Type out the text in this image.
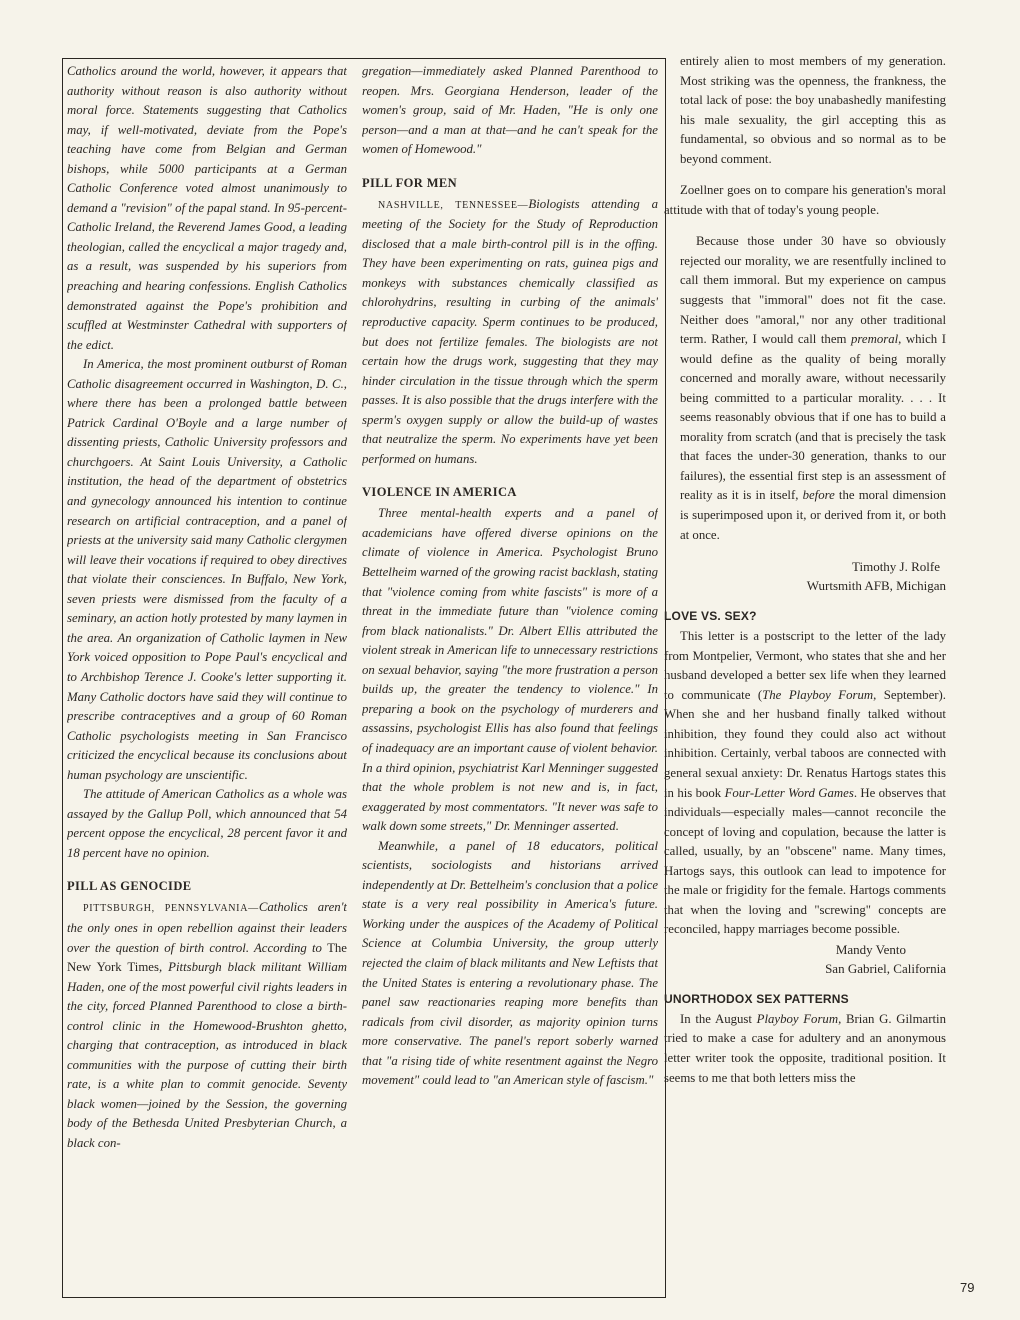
Catholics around the world, however, it appears that authority without reason is also authority without moral force. Statements suggesting that Catholics may, if well-motivated, deviate from the Pope's teaching have come from Belgian and German bishops, while 5000 participants at a German Catholic Conference voted almost unanimously to demand a "revision" of the papal stand. In 95-percent-Catholic Ireland, the Reverend James Good, a leading theologian, called the encyclical a major tragedy and, as a result, was suspended by his superiors from preaching and hearing confessions. English Catholics demonstrated against the Pope's prohibition and scuffled at Westminster Cathedral with supporters of the edict.

In America, the most prominent outburst of Roman Catholic disagreement occurred in Washington, D. C., where there has been a prolonged battle between Patrick Cardinal O'Boyle and a large number of dissenting priests, Catholic University professors and churchgoers. At Saint Louis University, a Catholic institution, the head of the department of obstetrics and gynecology announced his intention to continue research on artificial contraception, and a panel of priests at the university said many Catholic clergymen will leave their vocations if required to obey directives that violate their consciences. In Buffalo, New York, seven priests were dismissed from the faculty of a seminary, an action hotly protested by many laymen in the area. An organization of Catholic laymen in New York voiced opposition to Pope Paul's encyclical and to Archbishop Terence J. Cooke's letter supporting it. Many Catholic doctors have said they will continue to prescribe contraceptives and a group of 60 Roman Catholic psychologists meeting in San Francisco criticized the encyclical because its conclusions about human psychology are unscientific.

The attitude of American Catholics as a whole was assayed by the Gallup Poll, which announced that 54 percent oppose the encyclical, 28 percent favor it and 18 percent have no opinion.

PILL AS GENOCIDE

PITTSBURGH, PENNSYLVANIA—Catholics aren't the only ones in open rebellion against their leaders over the question of birth control. According to The New York Times, Pittsburgh black militant William Haden, one of the most powerful civil rights leaders in the city, forced Planned Parenthood to close a birth-control clinic in the Homewood-Brushton ghetto, charging that contraception, as introduced in black communities with the purpose of cutting their birth rate, is a white plan to commit genocide. Seventy black women—joined by the Session, the governing body of the Bethesda United Presbyterian Church, a black con-

gregation—immediately asked Planned Parenthood to reopen. Mrs. Georgiana Henderson, leader of the women's group, said of Mr. Haden, "He is only one person—and a man at that—and he can't speak for the women of Homewood."

PILL FOR MEN

NASHVILLE, TENNESSEE—Biologists attending a meeting of the Society for the Study of Reproduction disclosed that a male birth-control pill is in the offing. They have been experimenting on rats, guinea pigs and monkeys with substances chemically classified as chlorohydrins, resulting in curbing of the animals' reproductive capacity. Sperm continues to be produced, but does not fertilize females. The biologists are not certain how the drugs work, suggesting that they may hinder circulation in the tissue through which the sperm passes. It is also possible that the drugs interfere with the sperm's oxygen supply or allow the build-up of wastes that neutralize the sperm. No experiments have yet been performed on humans.

VIOLENCE IN AMERICA

Three mental-health experts and a panel of academicians have offered diverse opinions on the climate of violence in America. Psychologist Bruno Bettelheim warned of the growing racist backlash, stating that "violence coming from white fascists" is more of a threat in the immediate future than "violence coming from black nationalists." Dr. Albert Ellis attributed the violent streak in American life to unnecessary restrictions on sexual behavior, saying "the more frustration a person builds up, the greater the tendency to violence." In preparing a book on the psychology of murderers and assassins, psychologist Ellis has also found that feelings of inadequacy are an important cause of violent behavior. In a third opinion, psychiatrist Karl Menninger suggested that the whole problem is not new and is, in fact, exaggerated by most commentators. "It never was safe to walk down some streets," Dr. Menninger asserted.

Meanwhile, a panel of 18 educators, political scientists, sociologists and historians arrived independently at Dr. Bettelheim's conclusion that a police state is a very real possibility in America's future. Working under the auspices of the Academy of Political Science at Columbia University, the group utterly rejected the claim of black militants and New Leftists that the United States is entering a revolutionary phase. The panel saw reactionaries reaping more benefits than radicals from civil disorder, as majority opinion turns more conservative. The panel's report soberly warned that "a rising tide of white resentment against the Negro movement" could lead to "an American style of fascism."

entirely alien to most members of my generation. Most striking was the openness, the frankness, the total lack of pose: the boy unabashedly manifesting his male sexuality, the girl accepting this as fundamental, so obvious and so normal as to be beyond comment.

Zoellner goes on to compare his generation's moral attitude with that of today's young people.

Because those under 30 have so obviously rejected our morality, we are resentfully inclined to call them immoral. But my experience on campus suggests that "immoral" does not fit the case. Neither does "amoral," nor any other traditional term. Rather, I would call them premoral, which I would define as the quality of being morally concerned and morally aware, without necessarily being committed to a particular morality. . . . It seems reasonably obvious that if one has to build a morality from scratch (and that is precisely the task that faces the under-30 generation, thanks to our failures), the essential first step is an assessment of reality as it is in itself, before the moral dimension is superimposed upon it, or derived from it, or both at once.

Timothy J. Rolfe

Wurtsmith AFB, Michigan

LOVE VS. SEX?

This letter is a postscript to the letter of the lady from Montpelier, Vermont, who states that she and her husband developed a better sex life when they learned to communicate (The Playboy Forum, September). When she and her husband finally talked without inhibition, they found they could also act without inhibition. Certainly, verbal taboos are connected with general sexual anxiety: Dr. Renatus Hartogs states this in his book Four-Letter Word Games. He observes that individuals—especially males—cannot reconcile the concept of loving and copulation, because the latter is called, usually, by an "obscene" name. Many times, Hartogs says, this outlook can lead to impotence for the male or frigidity for the female. Hartogs comments that when the loving and "screwing" concepts are reconciled, happy marriages become possible.

Mandy Vento

San Gabriel, California

UNORTHODOX SEX PATTERNS

In the August Playboy Forum, Brian G. Gilmartin tried to make a case for adultery and an anonymous letter writer took the opposite, traditional position. It seems to me that both letters miss the

79
